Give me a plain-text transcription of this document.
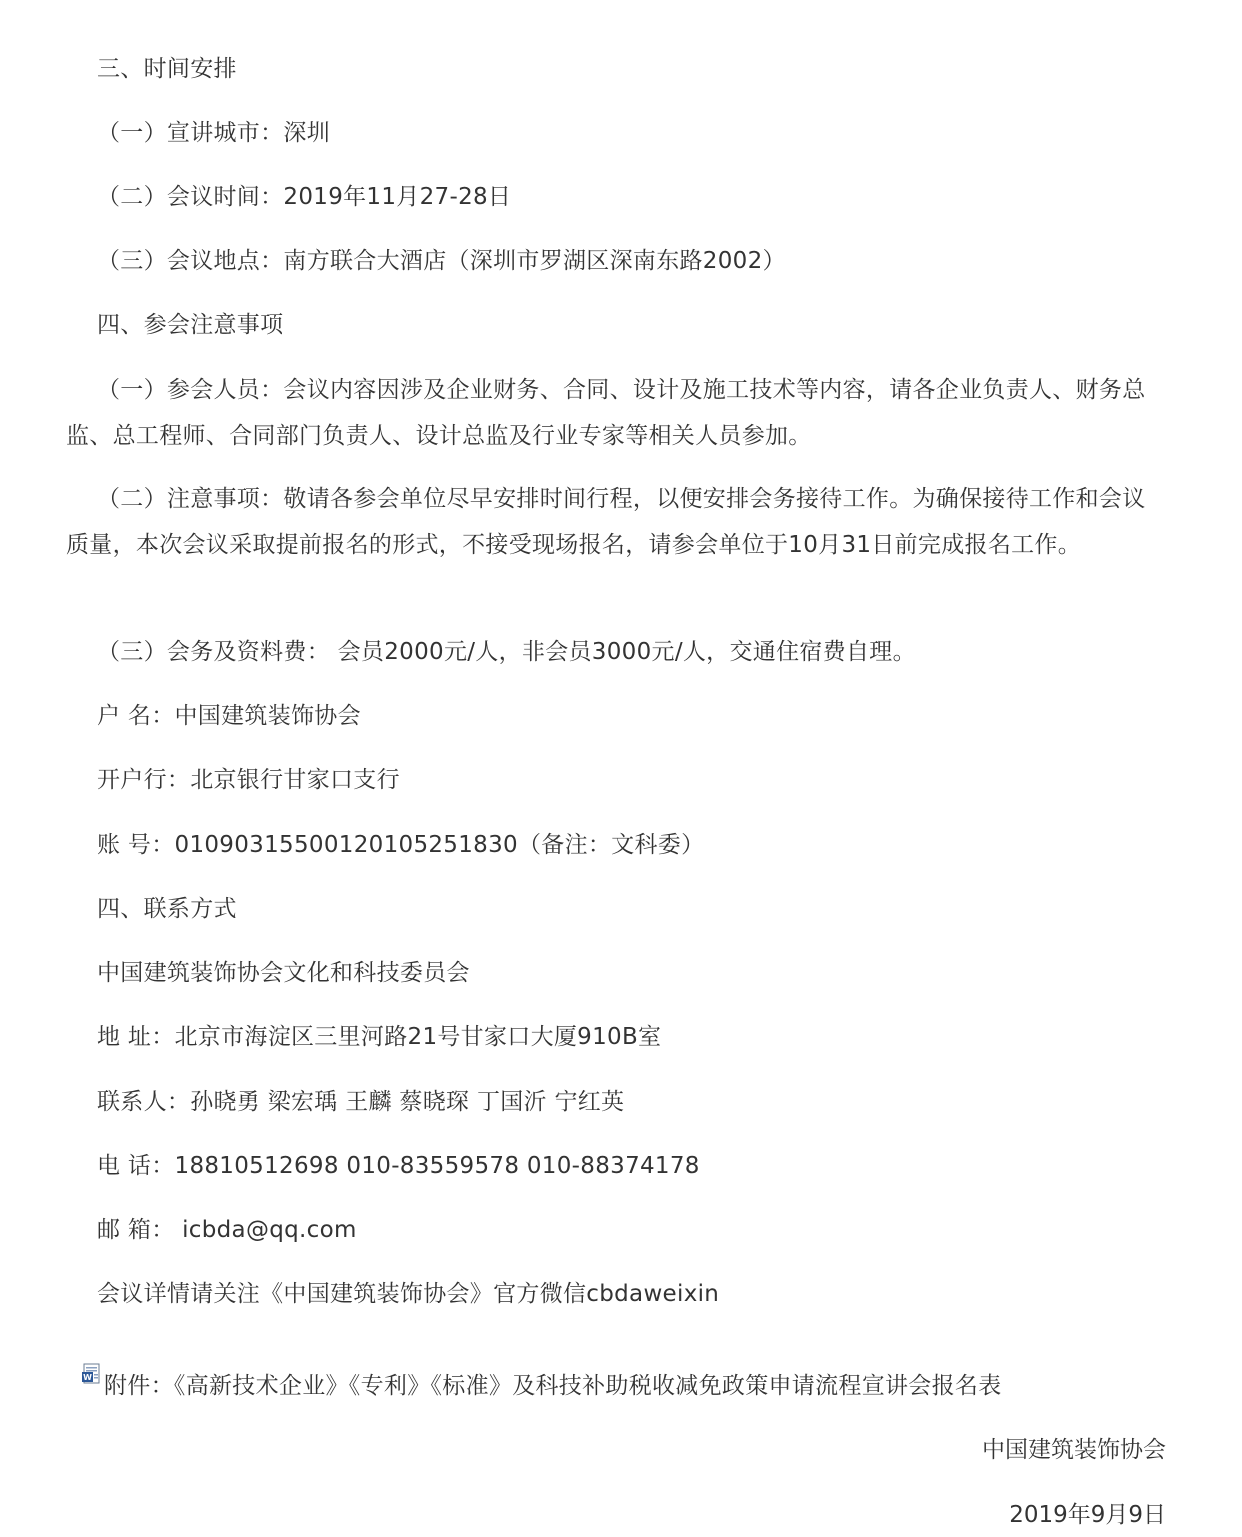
三、时间安排
（一）宣讲城市：深圳
（二）会议时间：2019年11月27-28日
（三）会议地点：南方联合大酒店（深圳市罗湖区深南东路2002）
四、参会注意事项
（一）参会人员：会议内容因涉及企业财务、合同、设计及施工技术等内容，请各企业负责人、财务总监、总工程师、合同部门负责人、设计总监及行业专家等相关人员参加。
（二）注意事项：敬请各参会单位尽早安排时间行程，以便安排会务接待工作。为确保接待工作和会议质量，本次会议采取提前报名的形式，不接受现场报名，请参会单位于10月31日前完成报名工作。
（三）会务及资料费： 会员2000元/人，非会员3000元/人，交通住宿费自理。
户 名：中国建筑装饰协会
开户行：北京银行甘家口支行
账 号：01090315500120105251830（备注：文科委）
四、联系方式
中国建筑装饰协会文化和科技委员会
地 址：北京市海淀区三里河路21号甘家口大厦910B室
联系人：孙晓勇 梁宏瑀 王麟 蔡晓琛 丁国沂 宁红英
电 话：18810512698 010-83559578 010-88374178
邮 箱： icbda@qq.com
会议详情请关注《中国建筑装饰协会》官方微信cbdaweixin
W 附件：《高新技术企业》《专利》《标准》及科技补助税收减免政策申请流程宣讲会报名表
中国建筑装饰协会
2019年9月9日
